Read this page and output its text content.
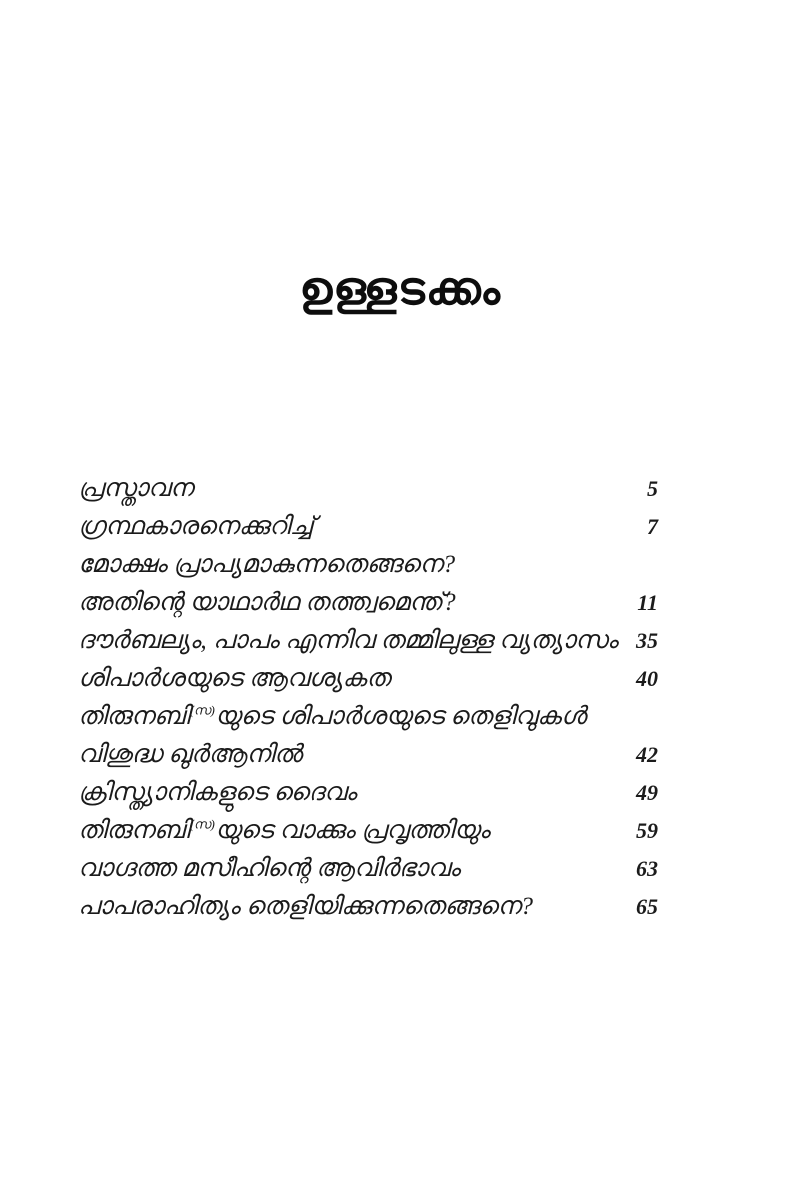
ഉള്ളടക്കം
പ്രസ്താവന	5
ഗ്രന്ഥകാരനെക്കുറിച്ച്	7
മോക്ഷം പ്രാപ്യമാകുന്നതെങ്ങനെ?
അതിന്റെ യാഥാർഥ തത്ത്വമെന്ത്?	11
ദൗർബല്യം, പാപം എന്നിവ തമ്മിലുള്ള വ്യത്യാസം 35
ശിപാർശയുടെ ആവശ്യകത	40
തിരുനബി$^{(സ)}$യുടെ ശിപാർശയുടെ തെളിവുകൾ
വിശുദ്ധ ഖുർആനിൽ	42
ക്രിസ്ത്യാനികളുടെ ദൈവം	49
തിരുനബി$^{(സ)}$യുടെ വാക്കും പ്രവൃത്തിയും	59
വാഗ്ദത്ത മസീഹിന്റെ ആവിർഭാവം	63
പാപരാഹിത്യം തെളിയിക്കുന്നതെങ്ങനെ?	65
